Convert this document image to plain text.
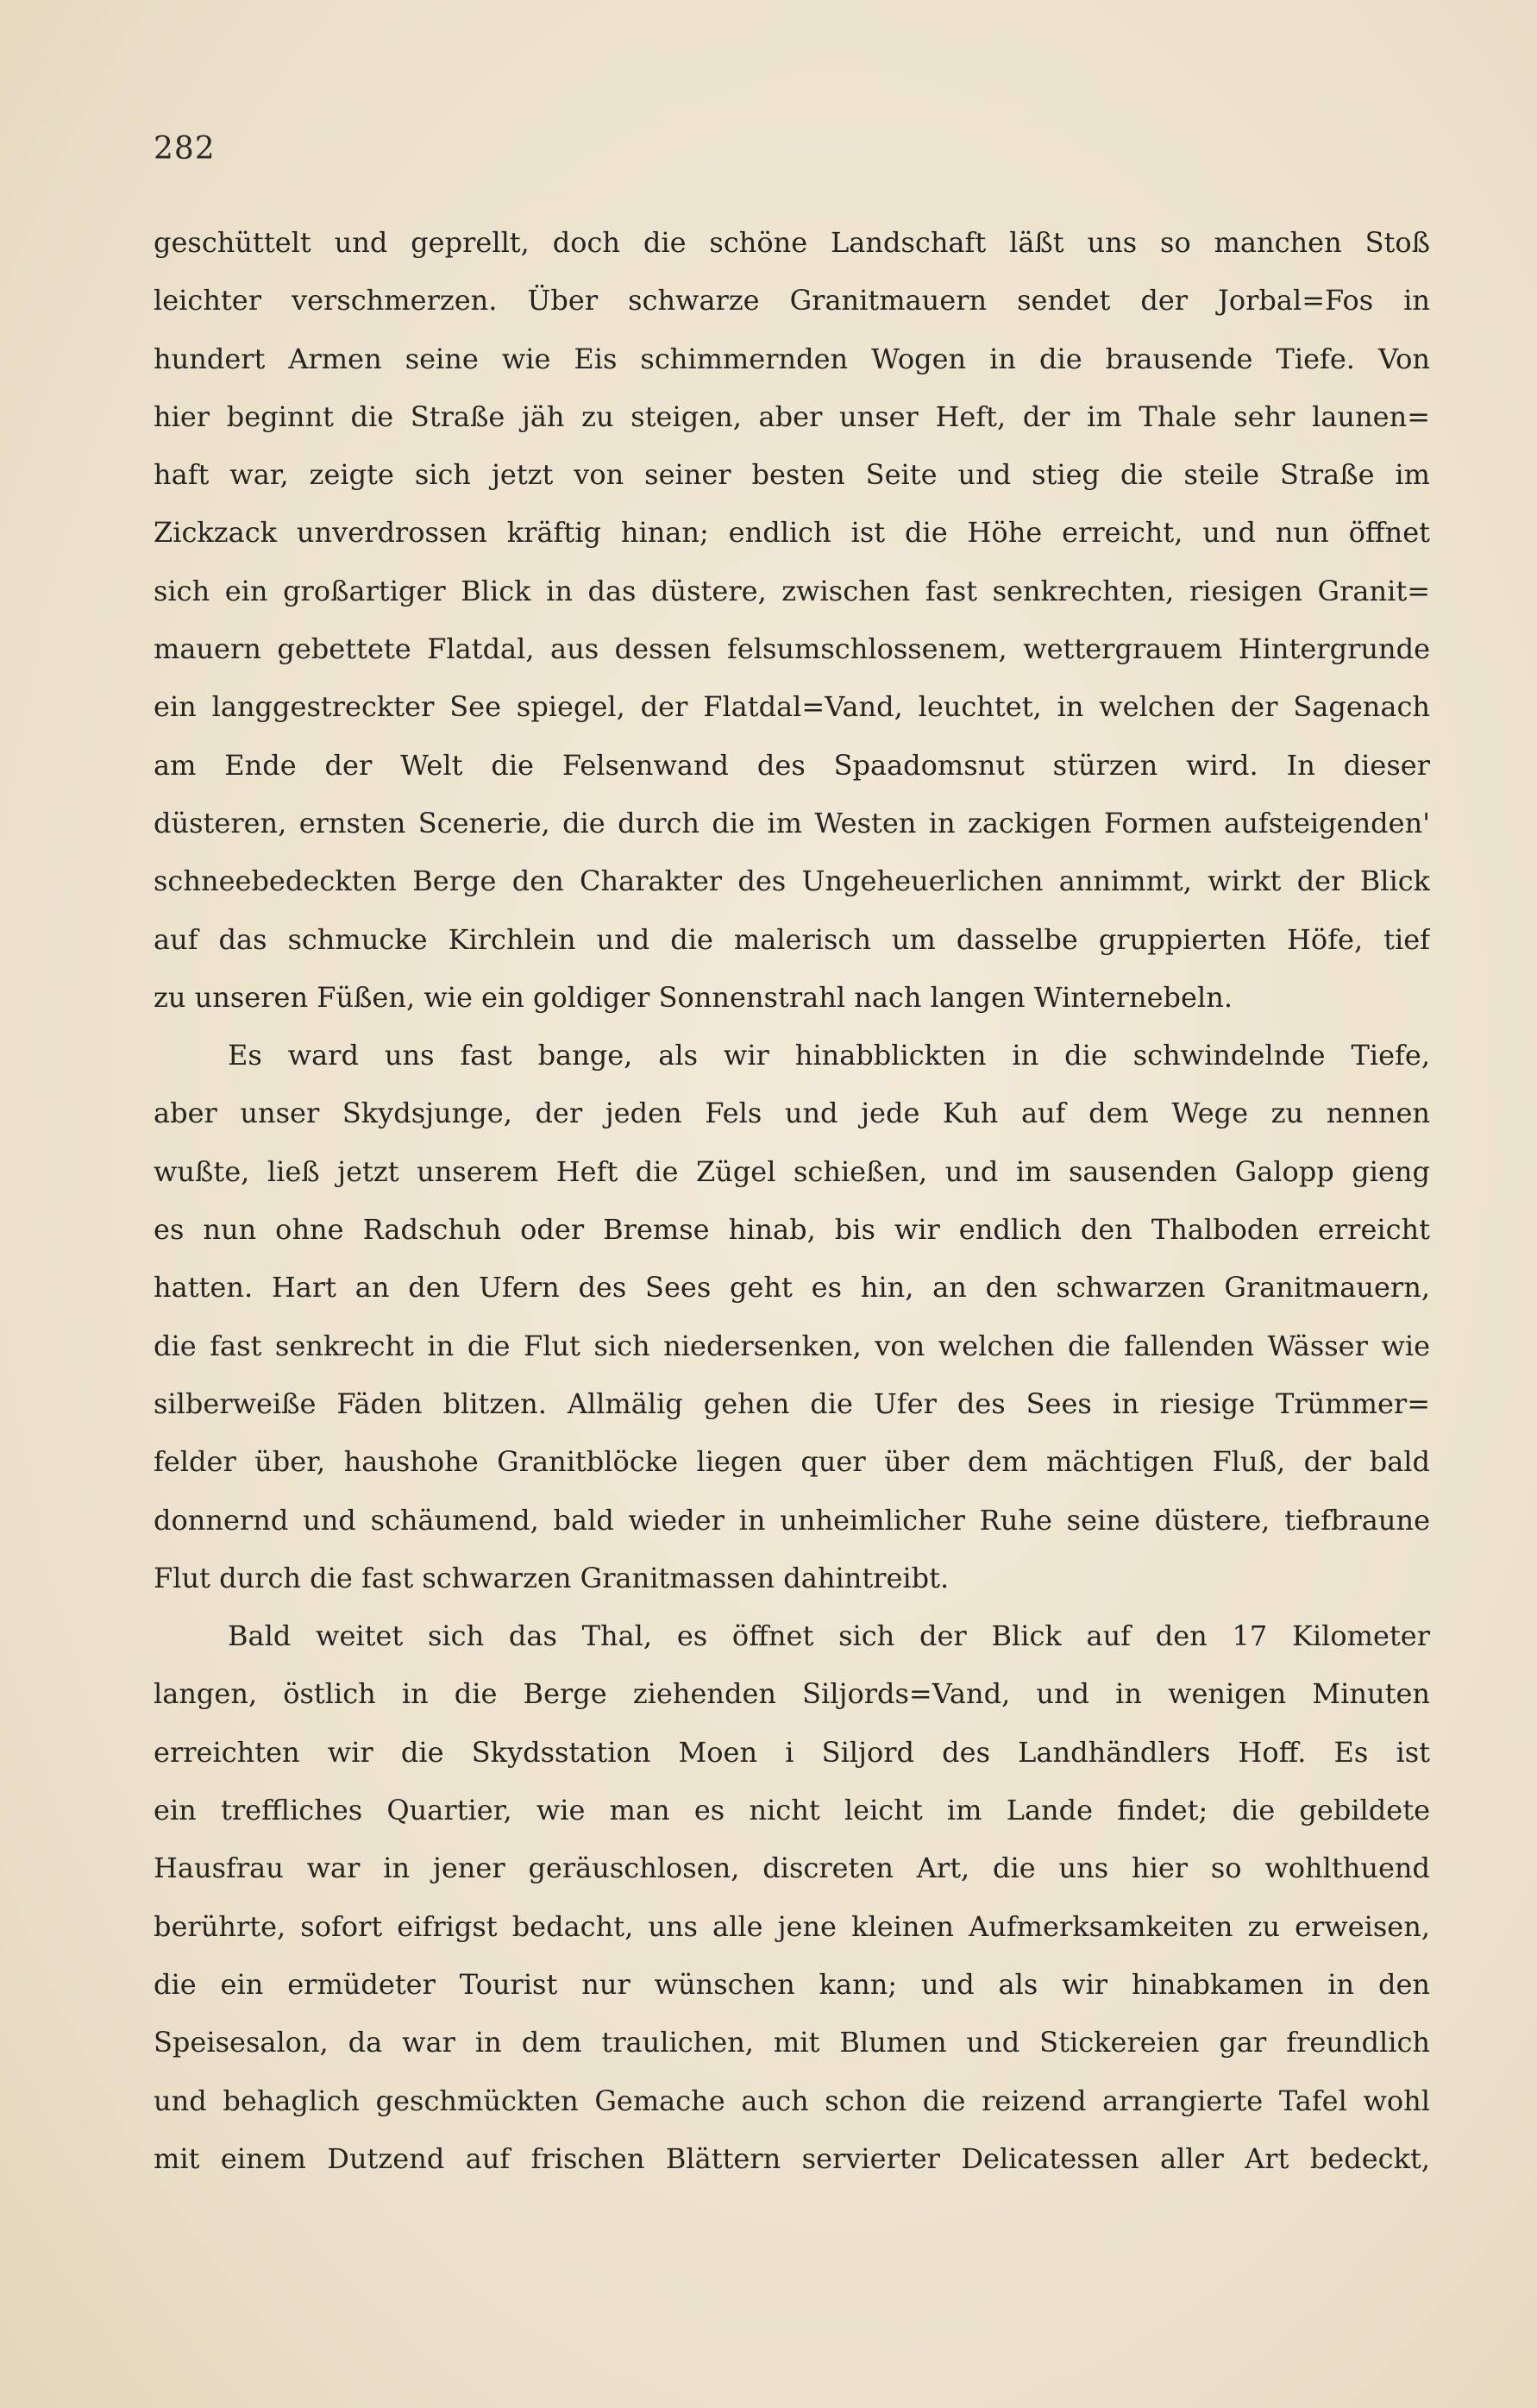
282
geschüttelt und geprellt, doch die schöne Landschaft läßt uns so manchen Stoß
leichter verschmerzen. Über schwarze Granitmauern sendet der Jorbal=Fos in
hundert Armen seine wie Eis schimmernden Wogen in die brausende Tiefe. Von
hier beginnt die Straße jäh zu steigen, aber unser Heft, der im Thale sehr launen=
haft war, zeigte sich jetzt von seiner besten Seite und stieg die steile Straße im
Zickzack unverdrossen kräftig hinan; endlich ist die Höhe erreicht, und nun öffnet
sich ein großartiger Blick in das düstere, zwischen fast senkrechten, riesigen Granit=
mauern gebettete Flatdal, aus dessen felsumschlossenem, wettergrauem Hintergrunde
ein langgestreckter See spiegel, der Flatdal=Vand, leuchtet, in welchen der Sagenach
am Ende der Welt die Felsenwand des Spaadomsnut stürzen wird. In dieser
düsteren, ernsten Scenerie, die durch die im Westen in zackigen Formen aufsteigenden'
schneebedeckten Berge den Charakter des Ungeheuerlichen annimmt, wirkt der Blick
auf das schmucke Kirchlein und die malerisch um dasselbe gruppierten Höfe, tief
zu unseren Füßen, wie ein goldiger Sonnenstrahl nach langen Winternebeln.
Es ward uns fast bange, als wir hinabblickten in die schwindelnde Tiefe,
aber unser Skydsjunge, der jeden Fels und jede Kuh auf dem Wege zu nennen
wußte, ließ jetzt unserem Heft die Zügel schießen, und im sausenden Galopp gieng
es nun ohne Radschuh oder Bremse hinab, bis wir endlich den Thalboden erreicht
hatten. Hart an den Ufern des Sees geht es hin, an den schwarzen Granitmauern,
die fast senkrecht in die Flut sich niedersenken, von welchen die fallenden Wässer wie
silberweiße Fäden blitzen. Allmälig gehen die Ufer des Sees in riesige Trümmer=
felder über, haushohe Granitblöcke liegen quer über dem mächtigen Fluß, der bald
donnernd und schäumend, bald wieder in unheimlicher Ruhe seine düstere, tiefbraune
Flut durch die fast schwarzen Granitmassen dahintreibt.
Bald weitet sich das Thal, es öffnet sich der Blick auf den 17 Kilometer
langen, östlich in die Berge ziehenden Siljords=Vand, und in wenigen Minuten
erreichten wir die Skydsstation Moen i Siljord des Landhändlers Hoff. Es ist
ein treffliches Quartier, wie man es nicht leicht im Lande findet; die gebildete
Hausfrau war in jener geräuschlosen, discreten Art, die uns hier so wohlthuend
berührte, sofort eifrigst bedacht, uns alle jene kleinen Aufmerksamkeiten zu erweisen,
die ein ermüdeter Tourist nur wünschen kann; und als wir hinabkamen in den
Speisesalon, da war in dem traulichen, mit Blumen und Stickereien gar freundlich
und behaglich geschmückten Gemache auch schon die reizend arrangierte Tafel wohl
mit einem Dutzend auf frischen Blättern servierter Delicatessen aller Art bedeckt,
